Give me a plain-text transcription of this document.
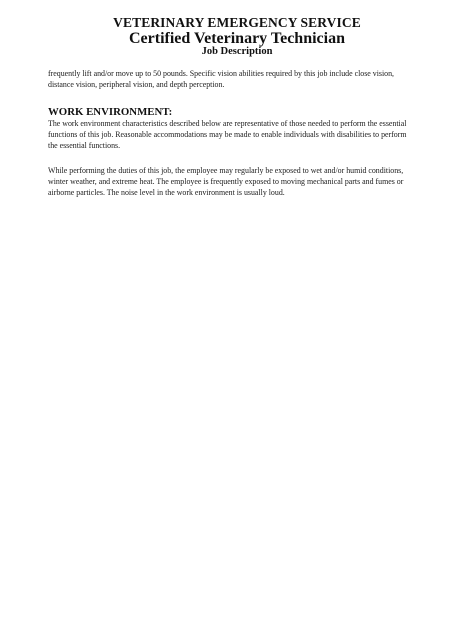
VETERINARY EMERGENCY SERVICE
Certified Veterinary Technician
Job Description
frequently lift and/or move up to 50 pounds. Specific vision abilities required by this job include close vision,
distance vision, peripheral vision, and depth perception.
WORK ENVIRONMENT:
The work environment characteristics described below are representative of those needed to perform the essential
functions of this job. Reasonable accommodations may be made to enable individuals with disabilities to perform
the essential functions.
While performing the duties of this job, the employee may regularly be exposed to wet and/or humid conditions,
winter weather, and extreme heat. The employee is frequently exposed to moving mechanical parts and fumes or
airborne particles. The noise level in the work environment is usually loud.
